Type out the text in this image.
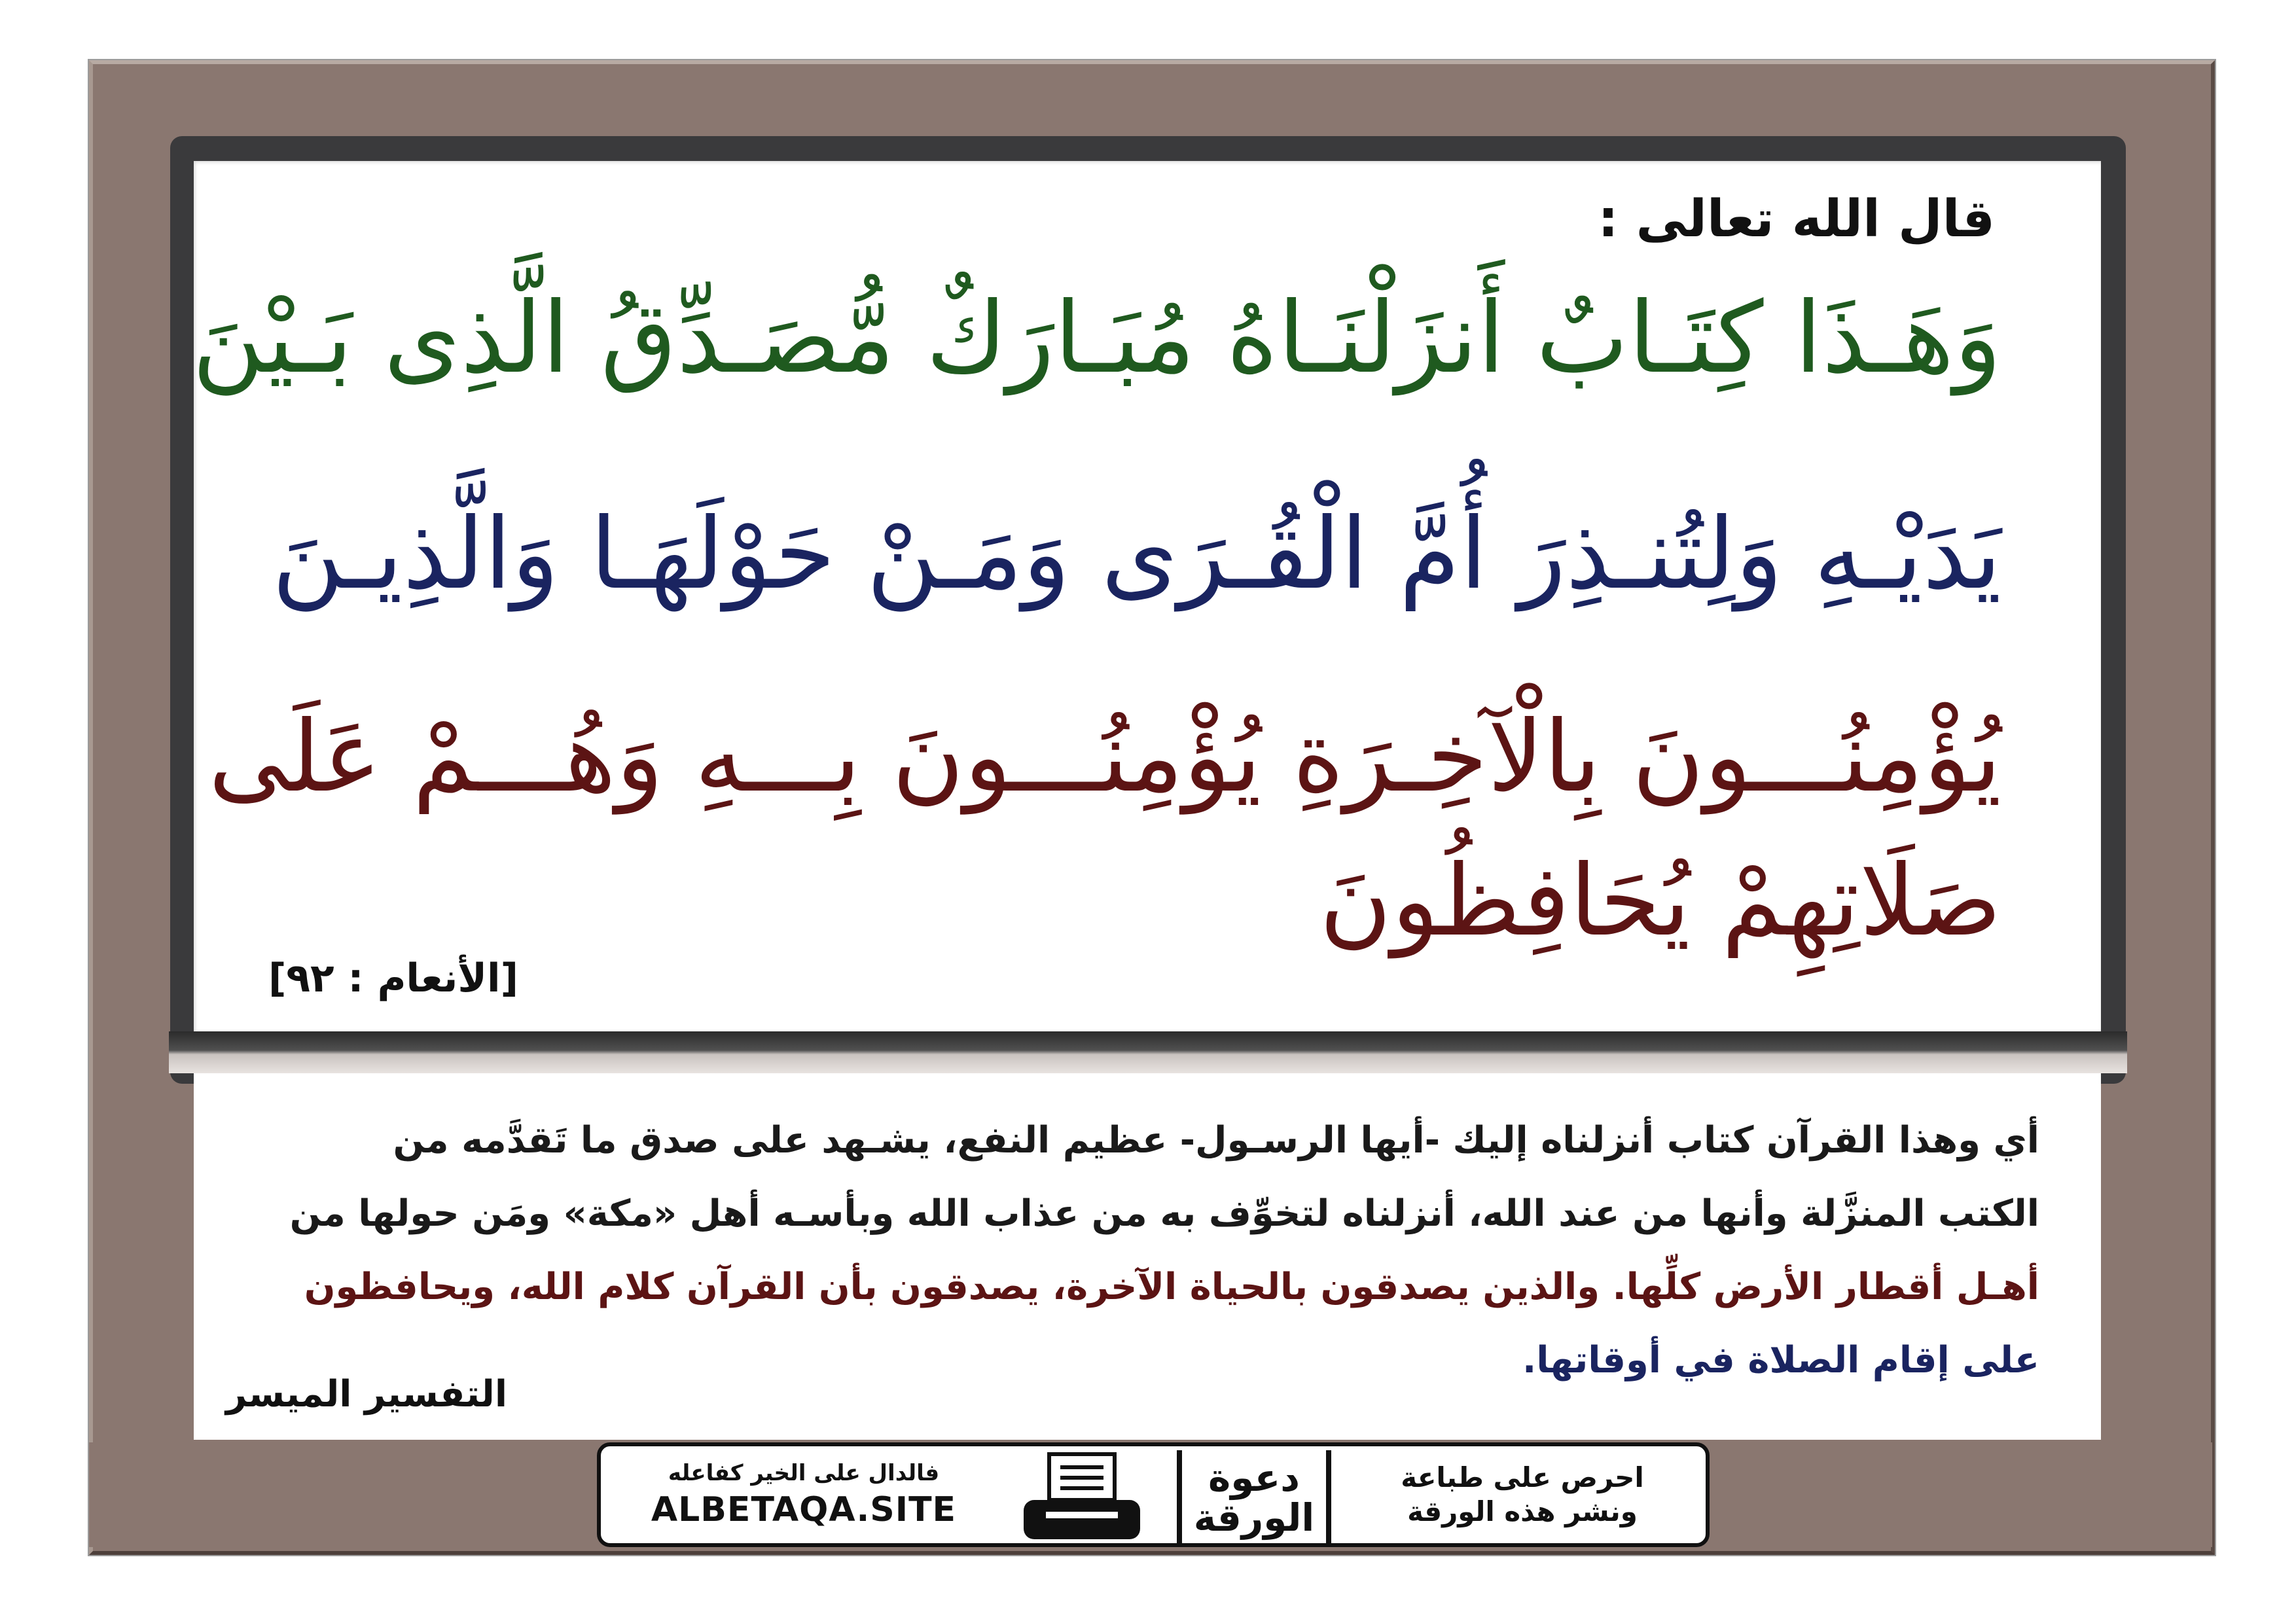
قال الله تعالى :
وَهَـذَا كِتَـابٌ أَنزَلْنَـاهُ مُبَـارَكٌ مُّصَـدِّقُ الَّذِى بَـيْنَ
يَدَيْـهِ وَلِتُنـذِرَ أُمَّ الْقُـرَى وَمَـنْ حَوْلَهَـا وَالَّذِيـنَ
يُؤْمِنُـــونَ بِالْآخِـرَةِ يُؤْمِنُـــونَ بِـــهِ وَهُـــمْ عَلَى
صَلَاتِهِمْ يُحَافِظُونَ
[الأنعام : ٩٢]
أي وهذا القرآن كتاب أنزلناه إليك -أيها الرسـول- عظيم النفع، يشـهد على صدق ما تَقدَّمه من
الكتب المنزَّلة وأنها من عند الله، أنزلناه لتخوِّف به من عذاب الله وبأسـه أهل «مكة» ومَن حولها من
أهـل أقطار الأرض كلِّها. والذين يصدقون بالحياة الآخرة، يصدقون بأن القرآن كلام الله، ويحافظون
على إقام الصلاة في أوقاتها.
التفسير الميسر
فالدال على الخير كفاعله
ALBETAQA.SITE
دعوة
الورقة
احرص على طباعة
ونشر هذه الورقة
